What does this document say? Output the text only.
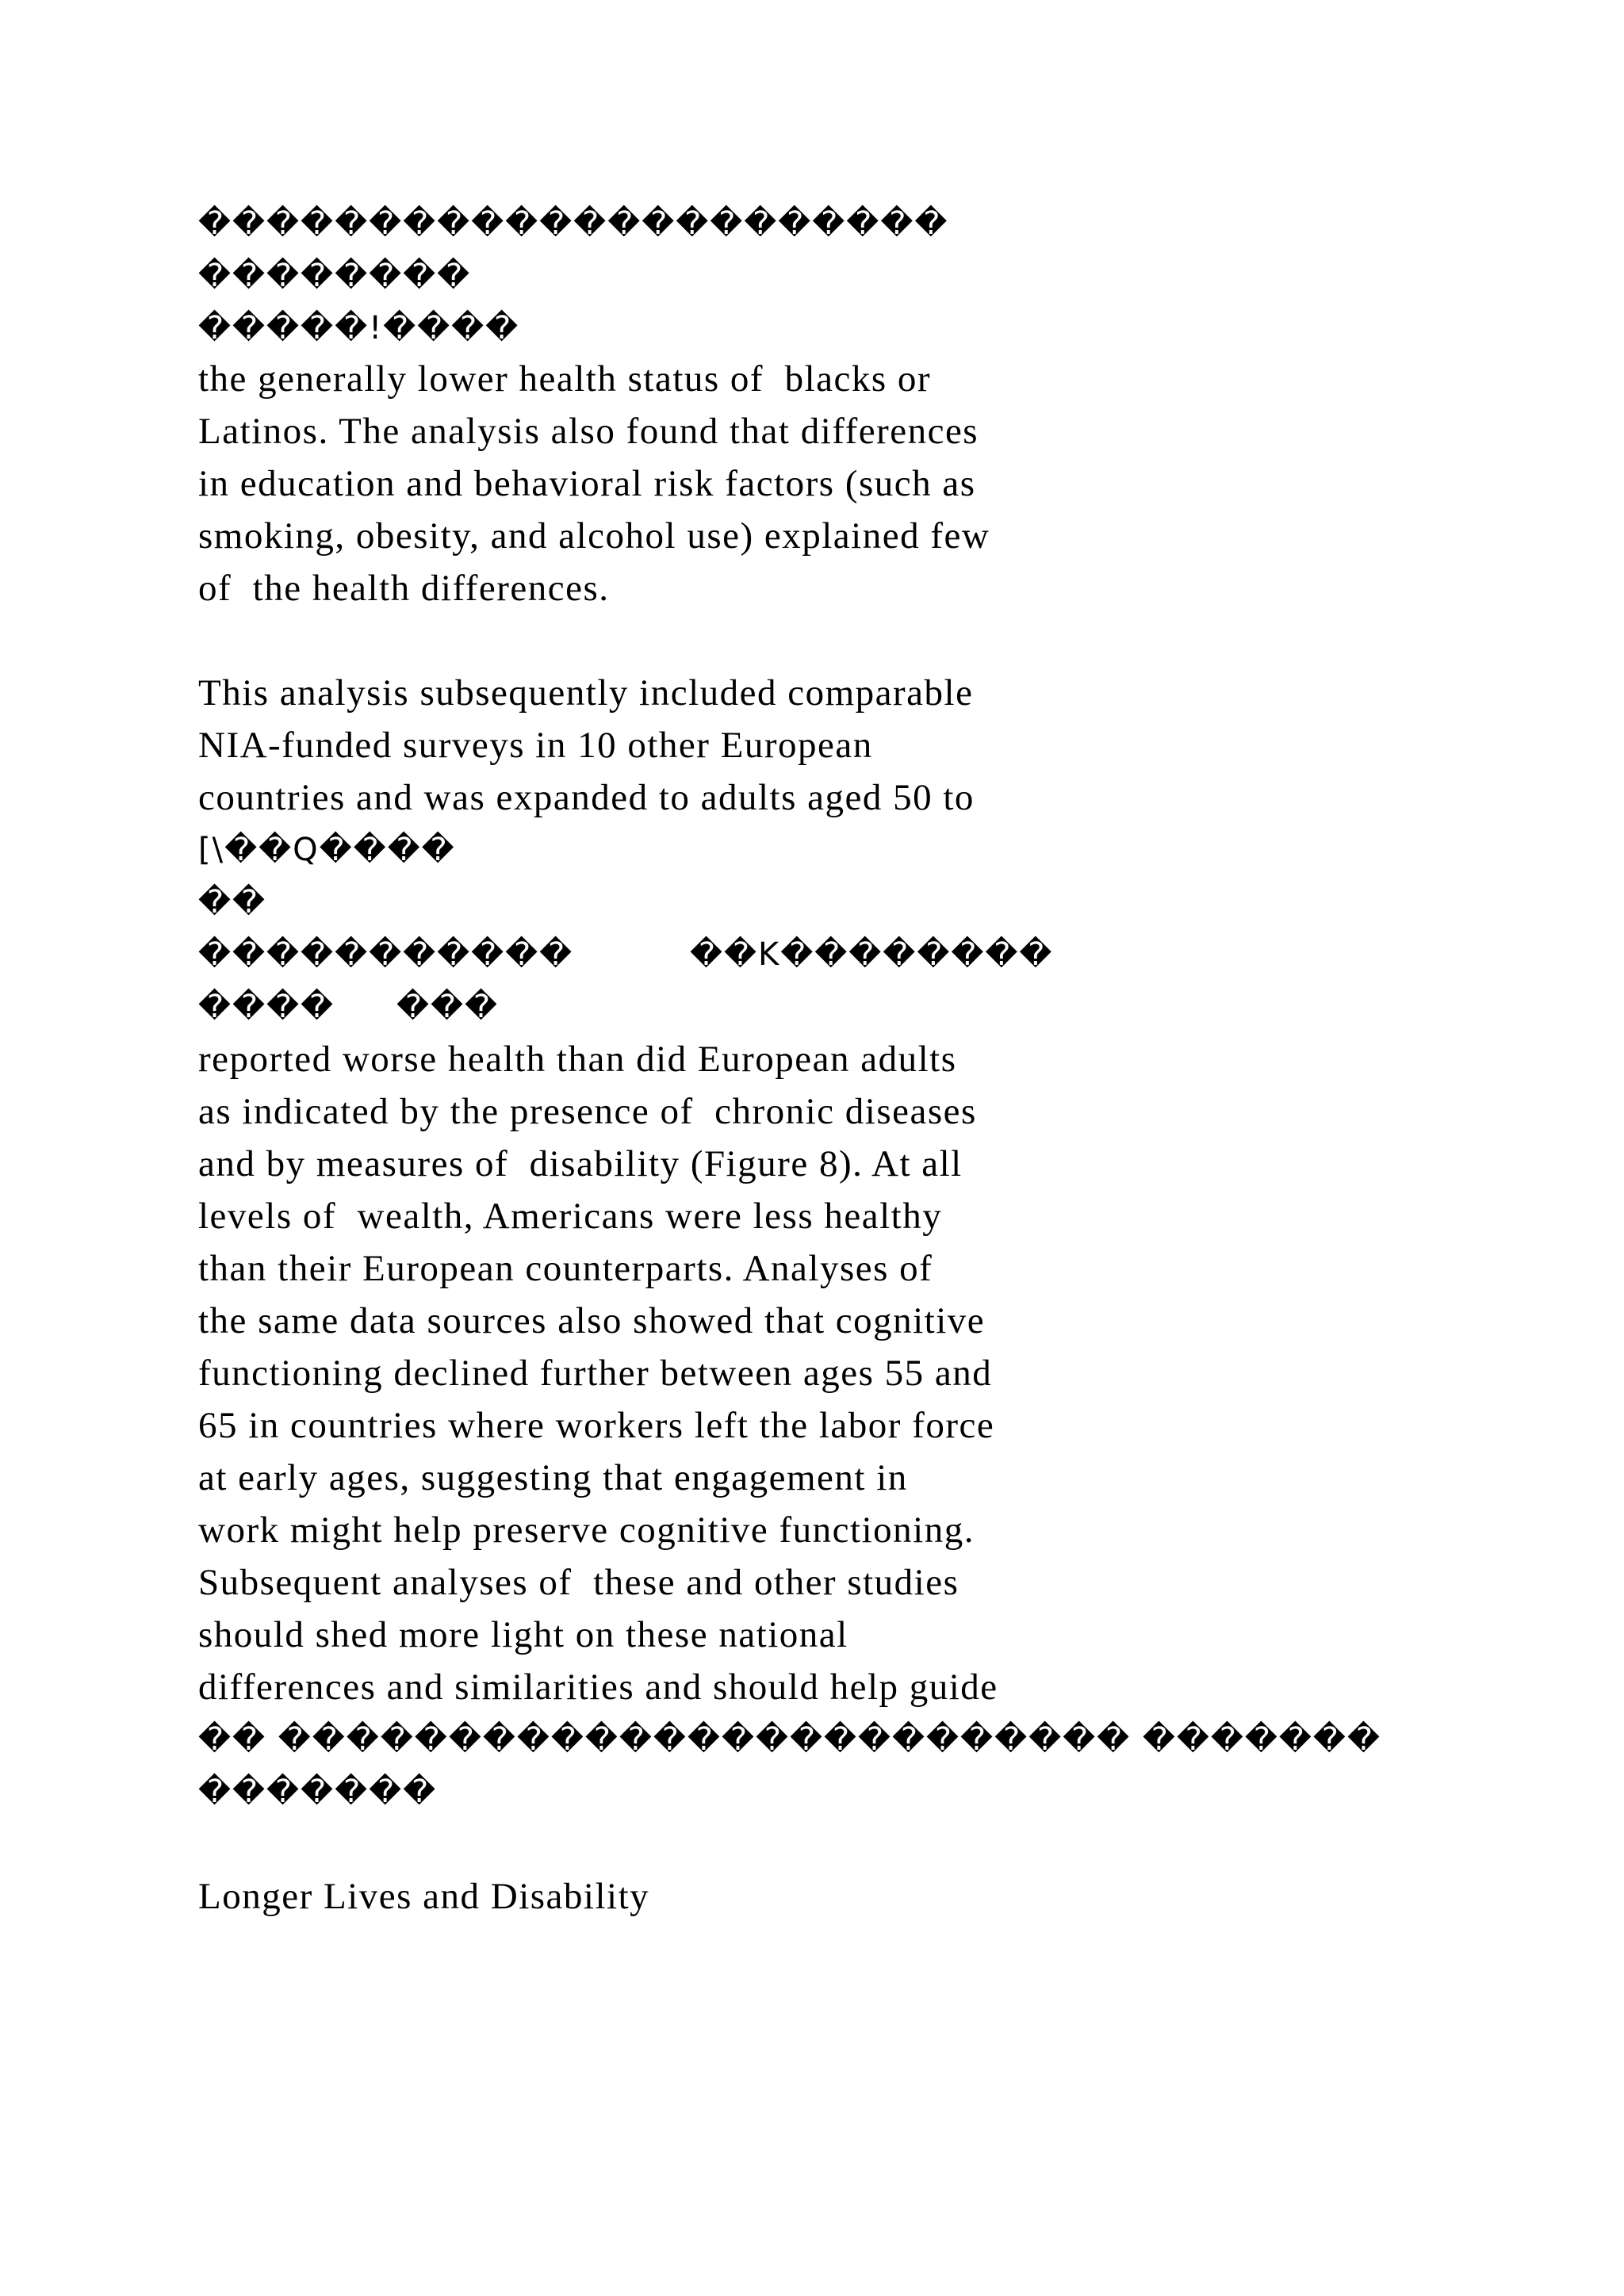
����������������������
��������
�����!����
the generally lower health status of  blacks or
Latinos. The analysis also found that differences
in education and behavioral risk factors (such as
smoking, obesity, and alcohol use) explained few
of  the health differences.
This analysis subsequently included comparable
NIA-funded surveys in 10 other European
countries and was expanded to adults aged 50 to
[\��Q����
��
�����������	��K��������
���� ���
reported worse health than did European adults
as indicated by the presence of  chronic diseases
and by measures of  disability (Figure 8). At all
levels of  wealth, Americans were less healthy
than their European counterparts. Analyses of
the same data sources also showed that cognitive
functioning declined further between ages 55 and
65 in countries where workers left the labor force
at early ages, suggesting that engagement in
work might help preserve cognitive functioning.
Subsequent analyses of  these and other studies
should shed more light on these national
differences and similarities and should help guide
�� ������������������������� �������
�������
Longer Lives and Disability
